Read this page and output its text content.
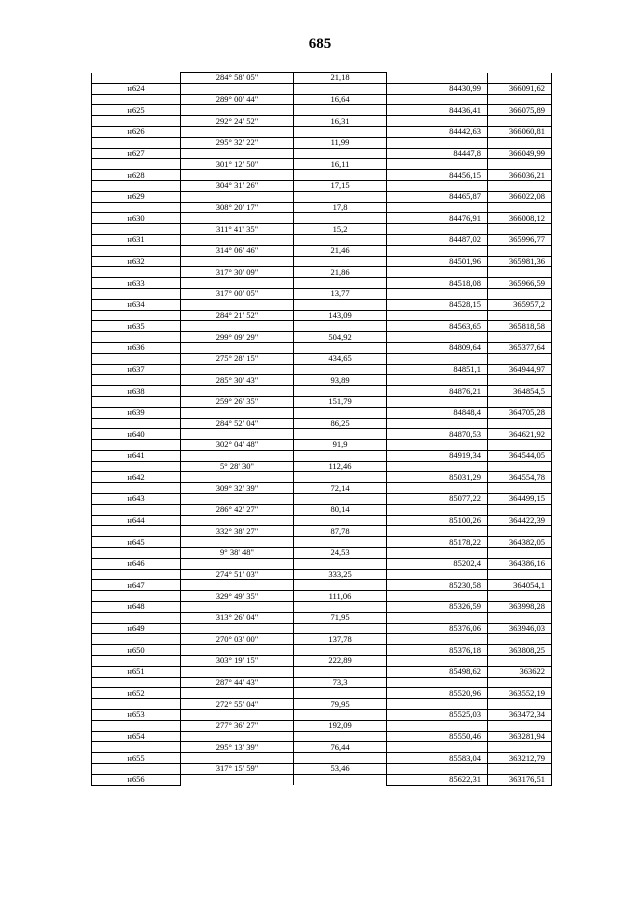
685
	284° 58' 05"	21,18		
н624			84430,99	366091,62
	289° 00' 44"	16,64		
н625			84436,41	366075,89
	292° 24' 52"	16,31		
н626			84442,63	366060,81
	295° 32' 22"	11,99		
н627			84447,8	366049,99
	301° 12' 50"	16,11		
н628			84456,15	366036,21
	304° 31' 26"	17,15		
н629			84465,87	366022,08
	308° 20' 17"	17,8		
н630			84476,91	366008,12
	311° 41' 35"	15,2		
н631			84487,02	365996,77
	314° 06' 46"	21,46		
н632			84501,96	365981,36
	317° 30' 09"	21,86		
н633			84518,08	365966,59
	317° 00' 05"	13,77		
н634			84528,15	365957,2
	284° 21' 52"	143,09		
н635			84563,65	365818,58
	299° 09' 29"	504,92		
н636			84809,64	365377,64
	275° 28' 15"	434,65		
н637			84851,1	364944,97
	285° 30' 43"	93,89		
н638			84876,21	364854,5
	259° 26' 35"	151,79		
н639			84848,4	364705,28
	284° 52' 04"	86,25		
н640			84870,53	364621,92
	302° 04' 48"	91,9		
н641			84919,34	364544,05
	5° 28' 30"	112,46		
н642			85031,29	364554,78
	309° 32' 39"	72,14		
н643			85077,22	364499,15
	286° 42' 27"	80,14		
н644			85100,26	364422,39
	332° 38' 27"	87,78		
н645			85178,22	364382,05
	9° 38' 48"	24,53		
н646			85202,4	364386,16
	274° 51' 03"	333,25		
н647			85230,58	364054,1
	329° 49' 35"	111,06		
н648			85326,59	363998,28
	313° 26' 04"	71,95		
н649			85376,06	363946,03
	270° 03' 00"	137,78		
н650			85376,18	363808,25
	303° 19' 15"	222,89		
н651			85498,62	363622
	287° 44' 43"	73,3		
н652			85520,96	363552,19
	272° 55' 04"	79,95		
н653			85525,03	363472,34
	277° 36' 27"	192,09		
н654			85550,46	363281,94
	295° 13' 39"	76,44		
н655			85583,04	363212,79
	317° 15' 59"	53,46		
н656			85622,31	363176,51
